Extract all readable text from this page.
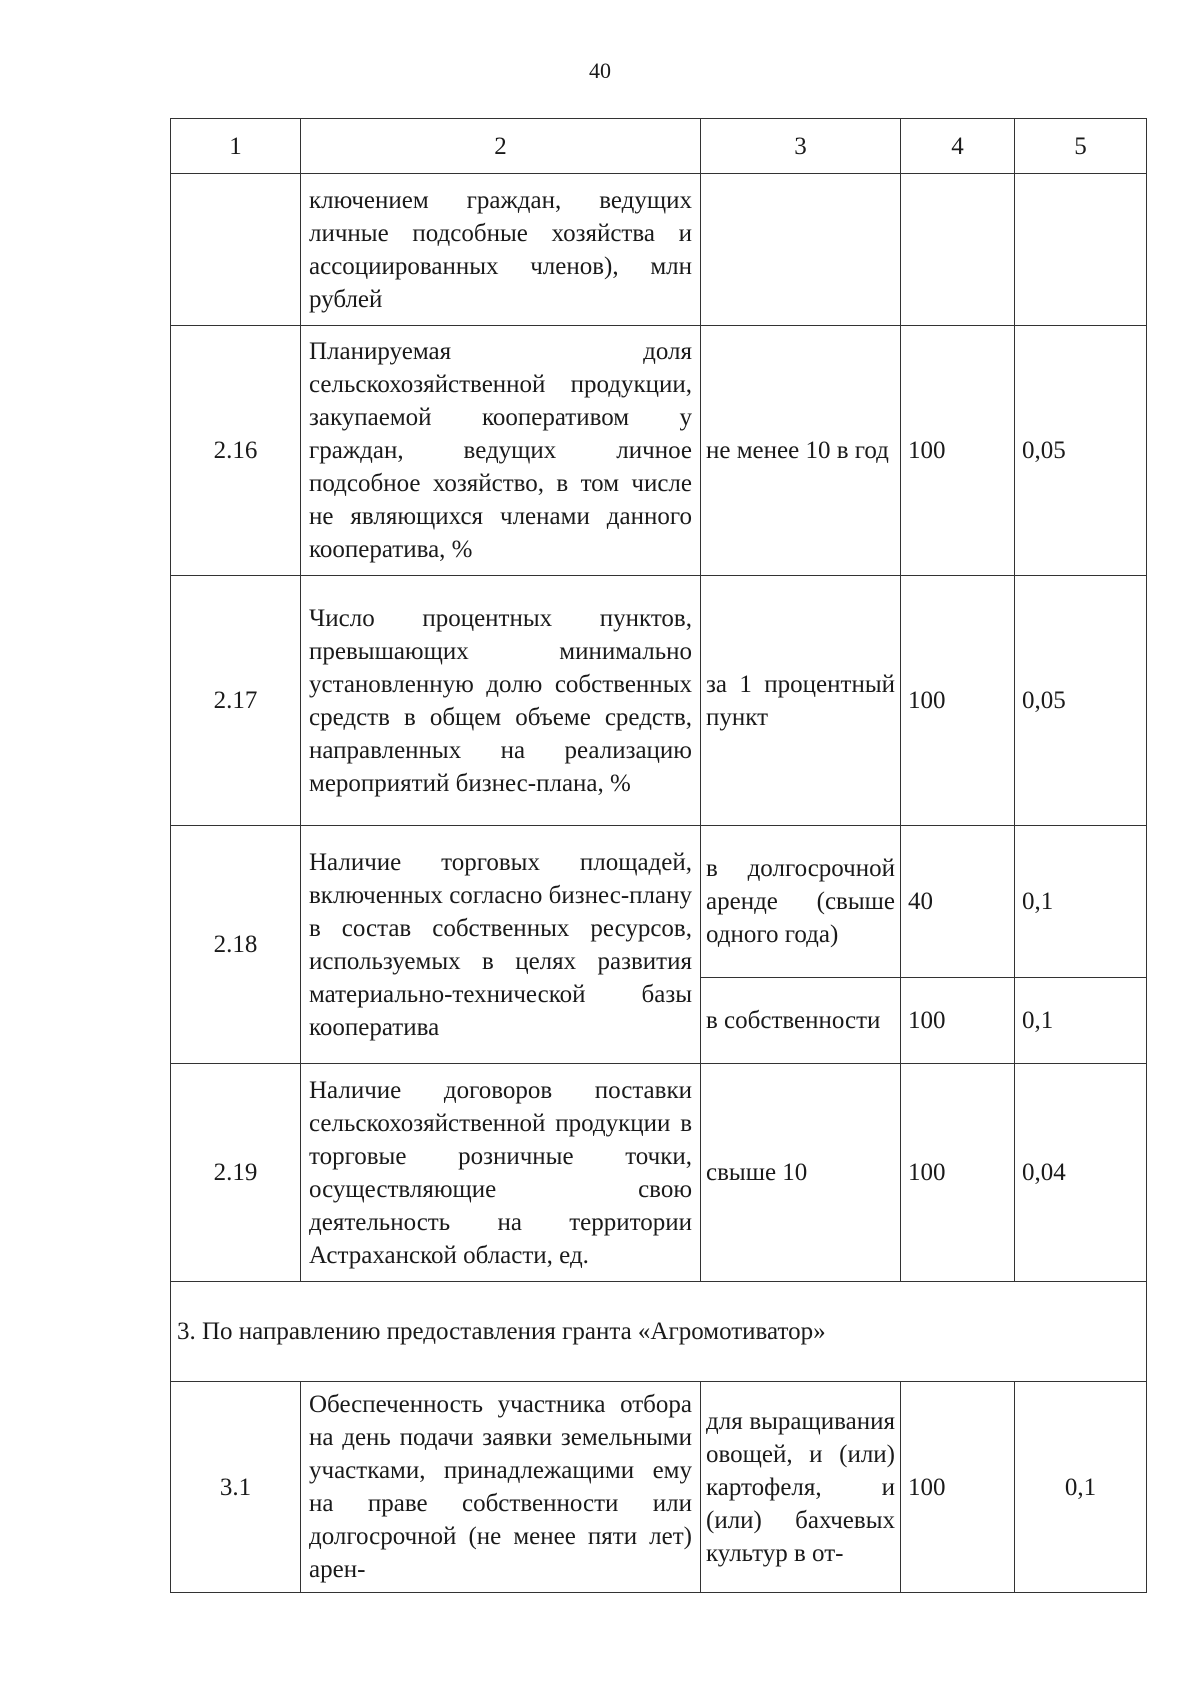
40
1	2	3	4	5
	ключением граждан, ведущих личные подсобные хозяйства и ассоциированных членов), млн рублей			
2.16	Планируемая доля сельскохозяйственной продукции, закупаемой кооперативом у граждан, ведущих личное подсобное хозяйство, в том числе не являющихся членами данного кооператива, %	не менее 10 в год	100	0,05
2.17	Число процентных пунктов, превышающих минимально установленную долю собственных средств в общем объеме средств, направленных на реализацию мероприятий бизнес-плана, %	за 1 процентный пункт	100	0,05
2.18	Наличие торговых площадей, включенных согласно бизнес-плану в состав собственных ресурсов, используемых в целях развития материально-технической базы кооператива	в долгосрочной аренде (свыше одного года)	40	0,1
		в собственности	100	0,1
2.19	Наличие договоров поставки сельскохозяйственной продукции в торговые розничные точки, осуществляющие свою деятельность на территории Астраханской области, ед.	свыше 10	100	0,04
3. По направлению предоставления гранта «Агромотиватор»				
3.1	Обеспеченность участника отбора на день подачи заявки земельными участками, принадлежащими ему на праве собственности или долгосрочной (не менее пяти лет) арен-	для выращивания овощей, и (или) картофеля, и (или) бахчевых культур в от-	100	0,1
